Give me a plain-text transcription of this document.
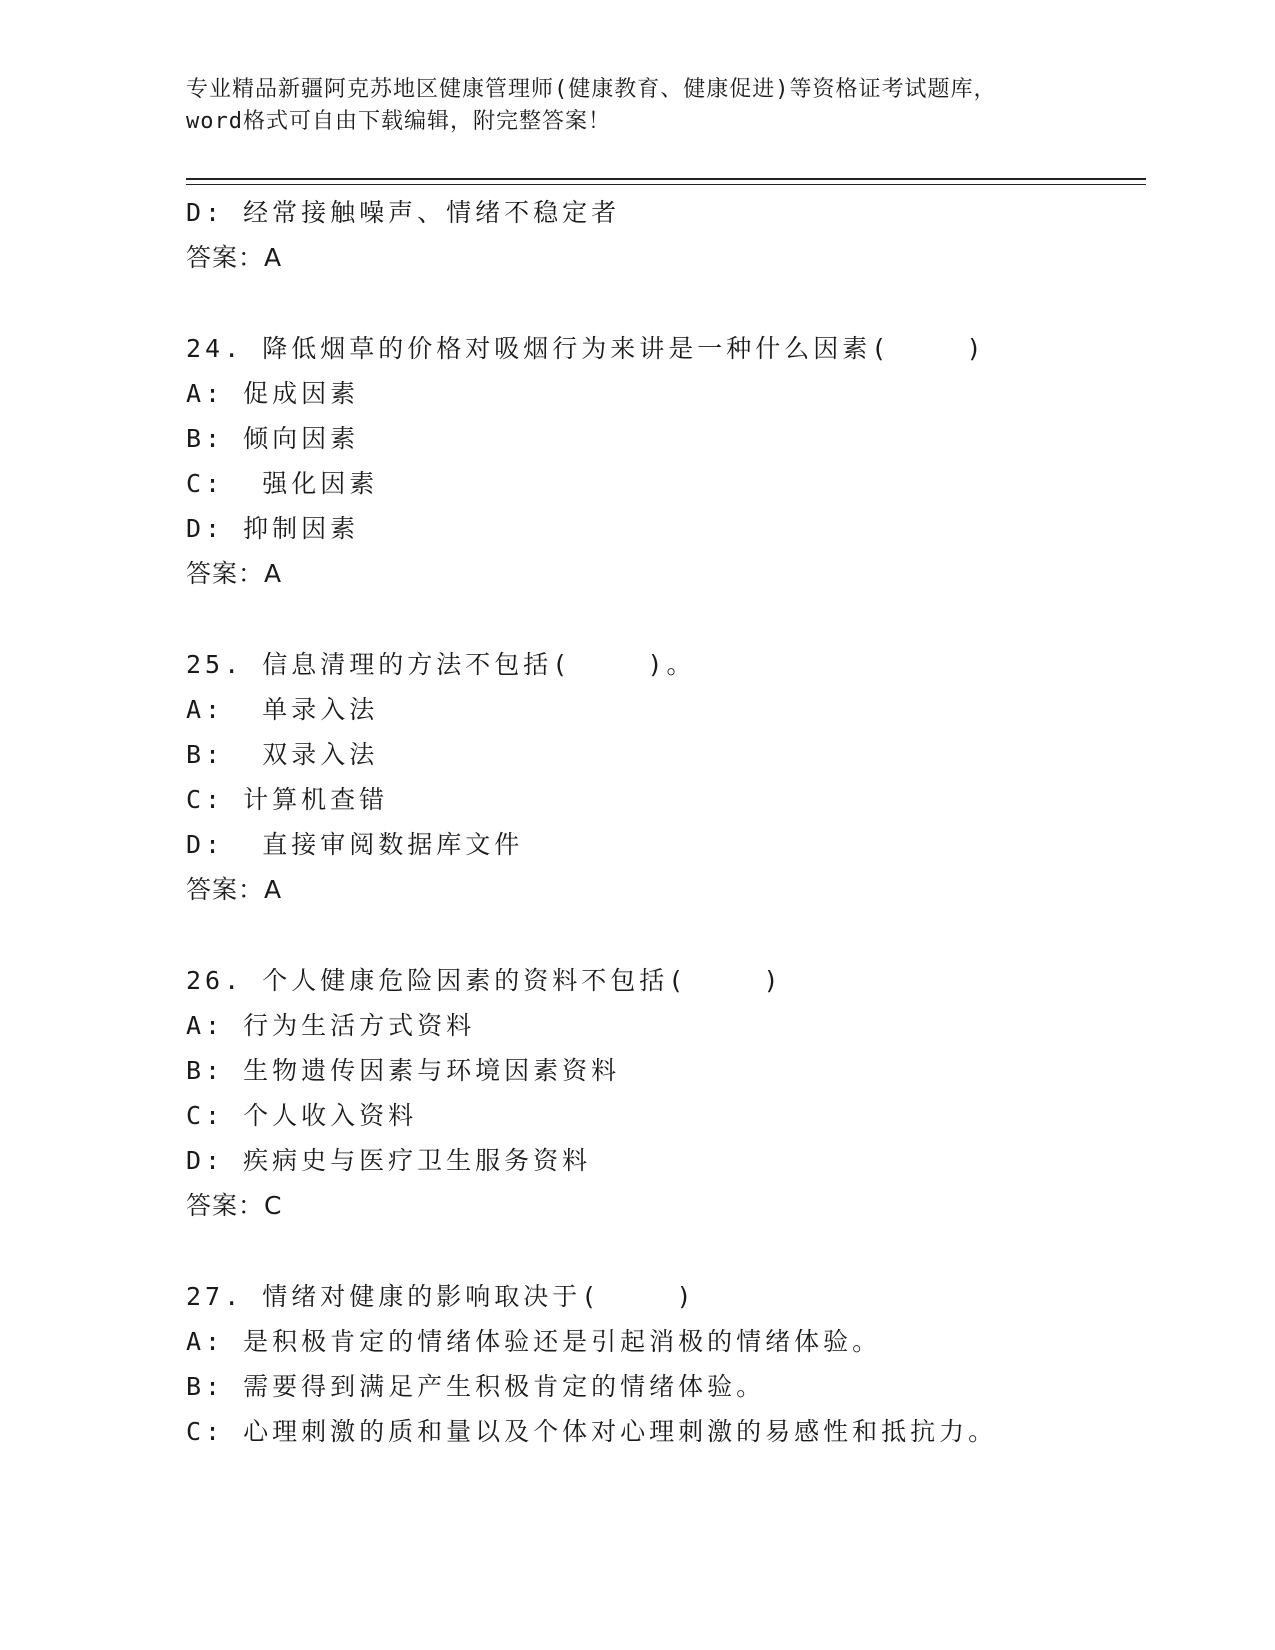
专业精品新疆阿克苏地区健康管理师(健康教育、健康促进)等资格证考试题库，
word格式可自由下载编辑，附完整答案！
D: 经常接触噪声、情绪不稳定者
答案：A
24. 降低烟草的价格对吸烟行为来讲是一种什么因素(    )
A: 促成因素
B: 倾向因素
C:  强化因素
D: 抑制因素
答案：A
25. 信息清理的方法不包括(    )。
A:  单录入法
B:  双录入法
C: 计算机查错
D:  直接审阅数据库文件
答案：A
26. 个人健康危险因素的资料不包括(    )
A: 行为生活方式资料
B: 生物遗传因素与环境因素资料
C: 个人收入资料
D: 疾病史与医疗卫生服务资料
答案：C
27. 情绪对健康的影响取决于(    )
A: 是积极肯定的情绪体验还是引起消极的情绪体验。
B: 需要得到满足产生积极肯定的情绪体验。
C: 心理刺激的质和量以及个体对心理刺激的易感性和抵抗力。
